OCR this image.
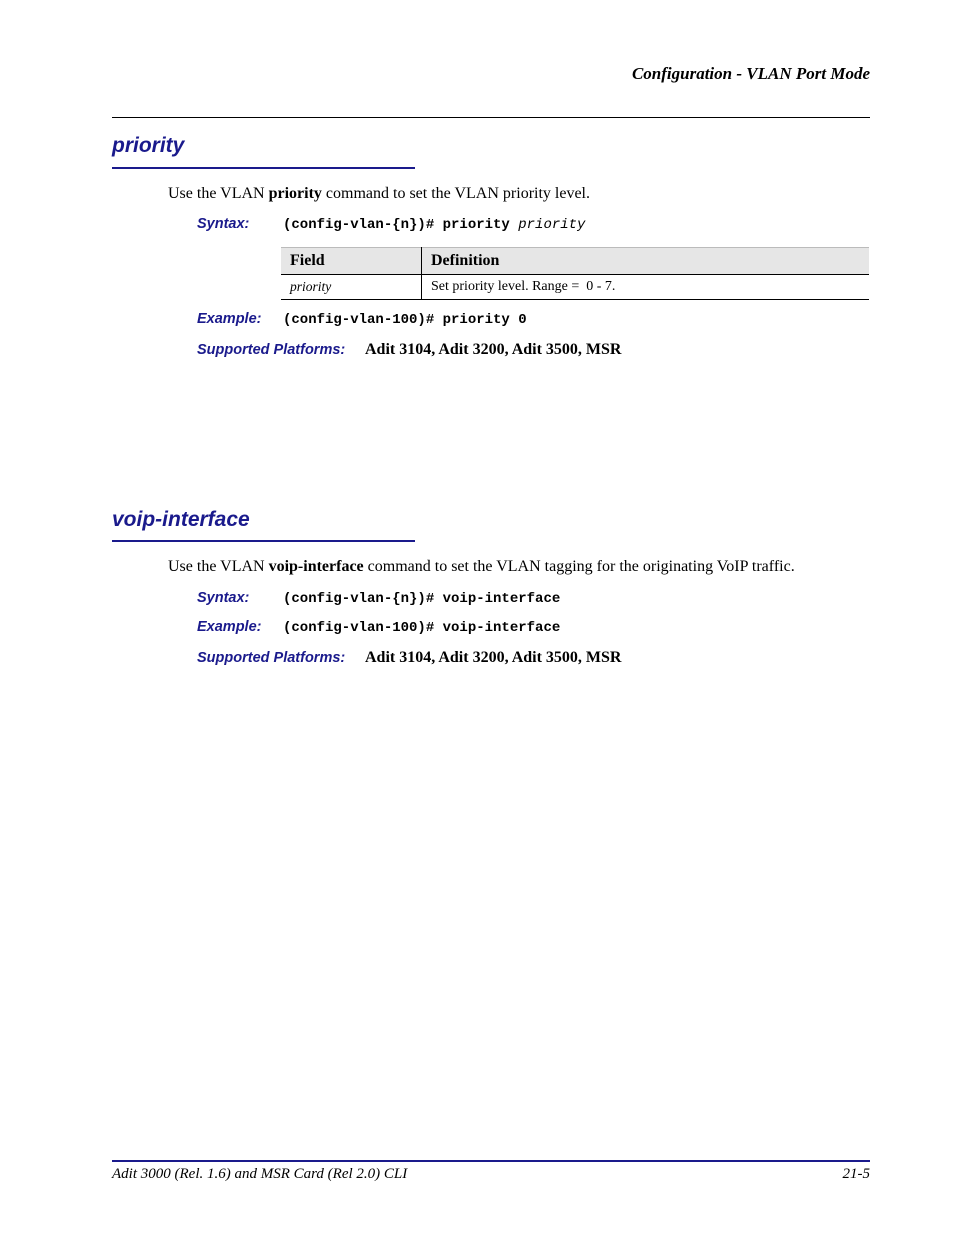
Configuration - VLAN Port Mode
priority
Use the VLAN priority command to set the VLAN priority level.
Syntax: (config-vlan-{n})# priority priority
Field	Definition
priority	Set priority level. Range =  0 - 7.
Example: (config-vlan-100)# priority 0
Supported Platforms: Adit 3104, Adit 3200, Adit 3500, MSR
voip-interface
Use the VLAN voip-interface command to set the VLAN tagging for the originating VoIP traffic.
Syntax: (config-vlan-{n})# voip-interface
Example: (config-vlan-100)# voip-interface
Supported Platforms: Adit 3104, Adit 3200, Adit 3500, MSR
Adit 3000 (Rel. 1.6) and MSR Card (Rel 2.0) CLI	21-5
